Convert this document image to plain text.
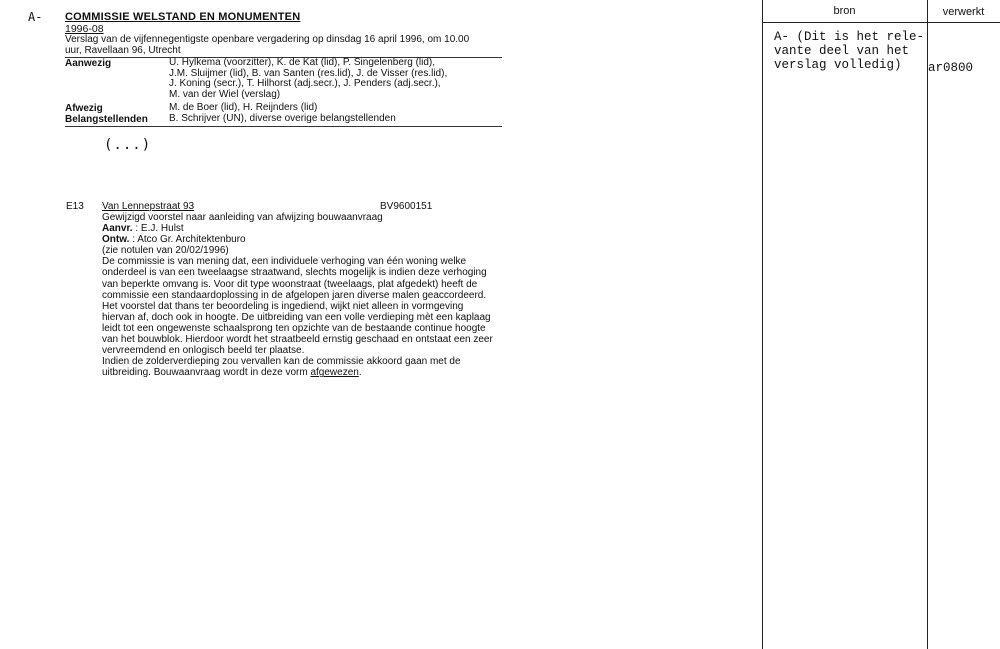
A- COMMISSIE WELSTAND EN MONUMENTEN
1996-08
Verslag van de vijfennegentigste openbare vergadering op dinsdag 16 april 1996, om 10.00
uur, Ravellaan 96, Utrecht
Aanwezig	U. Hylkema (voorzitter), K. de Kat (lid), P. Singelenberg (lid),
J.M. Sluijmer (lid), B. van Santen (res.lid), J. de Visser (res.lid),
J. Koning (secr.), T. Hilhorst (adj.secr.), J. Penders (adj.secr.),
M. van der Wiel (verslag)
Afwezig	M. de Boer (lid), H. Reijnders (lid)
Belangstellenden B. Schrijver (UN), diverse overige belangstellenden
(...)
E13 Van Lennepstraat 93	BV9600151
Gewijzigd voorstel naar aanleiding van afwijzing bouwaanvraag
Aanvr. : E.J. Hulst
Ontw. : Atco Gr. Architektenburo
(zie notulen van 20/02/1996)
De commissie is van mening dat, een individuele verhoging van één woning welke
onderdeel is van een tweelaagse straatwand, slechts mogelijk is indien deze verhoging
van beperkte omvang is. Voor dit type woonstraat (tweelaags, plat afgedekt) heeft de
commissie een standaardoplossing in de afgelopen jaren diverse malen geaccordeerd.
Het voorstel dat thans ter beoordeling is ingediend, wijkt niet alleen in vormgeving
hiervan af, doch ook in hoogte. De uitbreiding van een volle verdieping mèt een kaplaag
leidt tot een ongewenste schaalsprong ten opzichte van de bestaande continue hoogte
van het bouwblok. Hierdoor wordt het straatbeeld ernstig geschaad en ontstaat een zeer
vervreemdend en onlogisch beeld ter plaatse.
Indien de zolderverdieping zou vervallen kan de commissie akkoord gaan met de
uitbreiding. Bouwaanvraag wordt in deze vorm afgewezen.
bron	verwerkt
A- (Dit is het rele-
vante deel van het
verslag volledig)	ar0800
